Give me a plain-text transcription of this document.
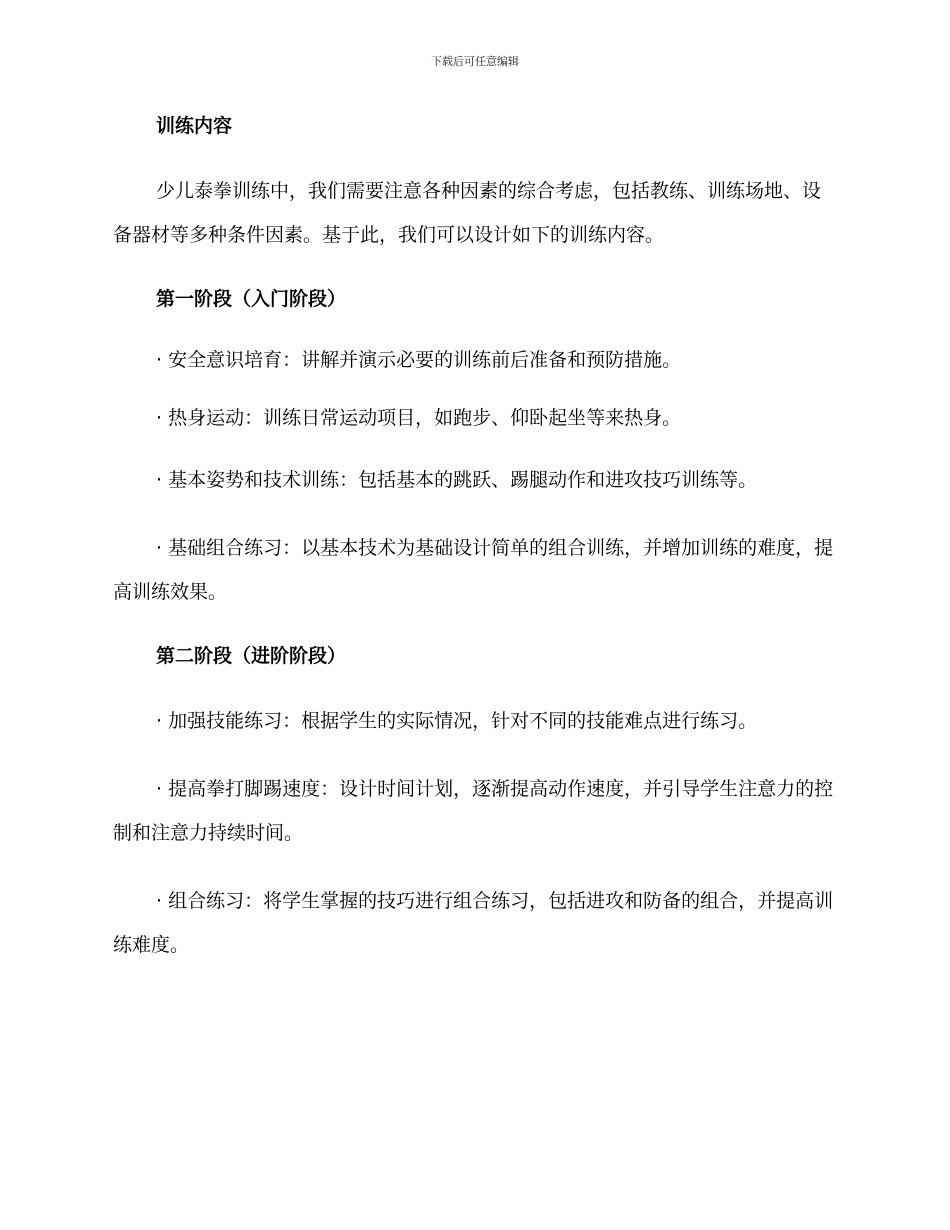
下载后可任意编辑
训练内容
少儿泰拳训练中，我们需要注意各种因素的综合考虑，包括教练、训练场地、设备器材等多种条件因素。基于此，我们可以设计如下的训练内容。
第一阶段（入门阶段）
· 安全意识培育：讲解并演示必要的训练前后准备和预防措施。
· 热身运动：训练日常运动项目，如跑步、仰卧起坐等来热身。
· 基本姿势和技术训练：包括基本的跳跃、踢腿动作和进攻技巧训练等。
· 基础组合练习：以基本技术为基础设计简单的组合训练，并增加训练的难度，提高训练效果。
第二阶段（进阶阶段）
· 加强技能练习：根据学生的实际情况，针对不同的技能难点进行练习。
· 提高拳打脚踢速度：设计时间计划，逐渐提高动作速度，并引导学生注意力的控制和注意力持续时间。
· 组合练习：将学生掌握的技巧进行组合练习，包括进攻和防备的组合，并提高训练难度。
